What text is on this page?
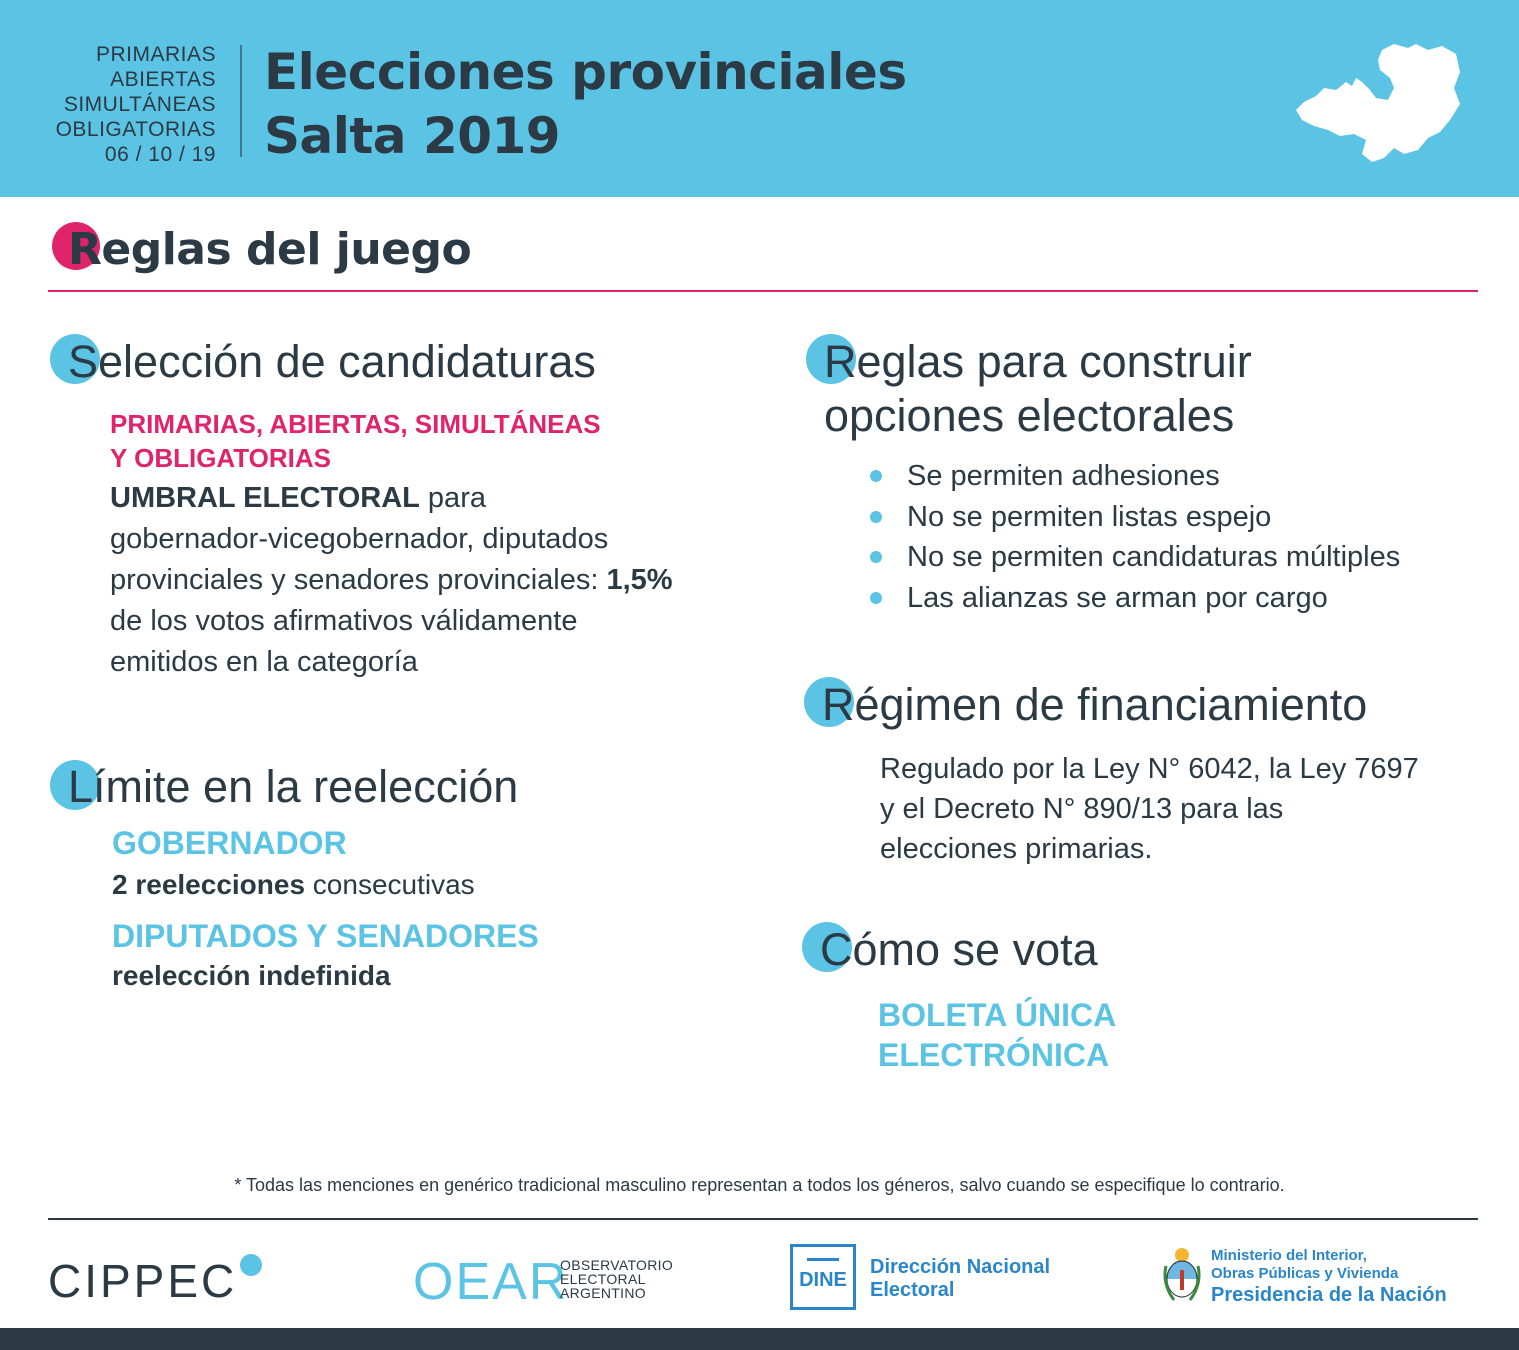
PRIMARIAS
ABIERTAS
SIMULTÁNEAS
OBLIGATORIAS
06 / 10 / 19
Elecciones provinciales
Salta 2019
Reglas del juego
Selección de candidaturas
PRIMARIAS, ABIERTAS, SIMULTÁNEAS
Y OBLIGATORIAS
UMBRAL ELECTORAL para
gobernador-vicegobernador, diputados
provinciales y senadores provinciales: 1,5%
de los votos afirmativos válidamente
emitidos en la categoría
Límite en la reelección
GOBERNADOR
2 reelecciones consecutivas
DIPUTADOS Y SENADORES
reelección indefinida
Reglas para construir
opciones electorales
Se permiten adhesiones
No se permiten listas espejo
No se permiten candidaturas múltiples
Las alianzas se arman por cargo
Régimen de financiamiento
Regulado por la Ley N° 6042, la Ley 7697
y el Decreto N° 890/13 para las
elecciones primarias.
Cómo se vota
BOLETA ÚNICA
ELECTRÓNICA
* Todas las menciones en genérico tradicional masculino representan a todos los géneros, salvo cuando se especifique lo contrario.
CIPPEC	OEAR
OBSERVATORIO
ELECTORAL
ARGENTINO
DINE
Dirección Nacional
Electoral
Ministerio del Interior,
Obras Públicas y Vivienda
Presidencia de la Nación
